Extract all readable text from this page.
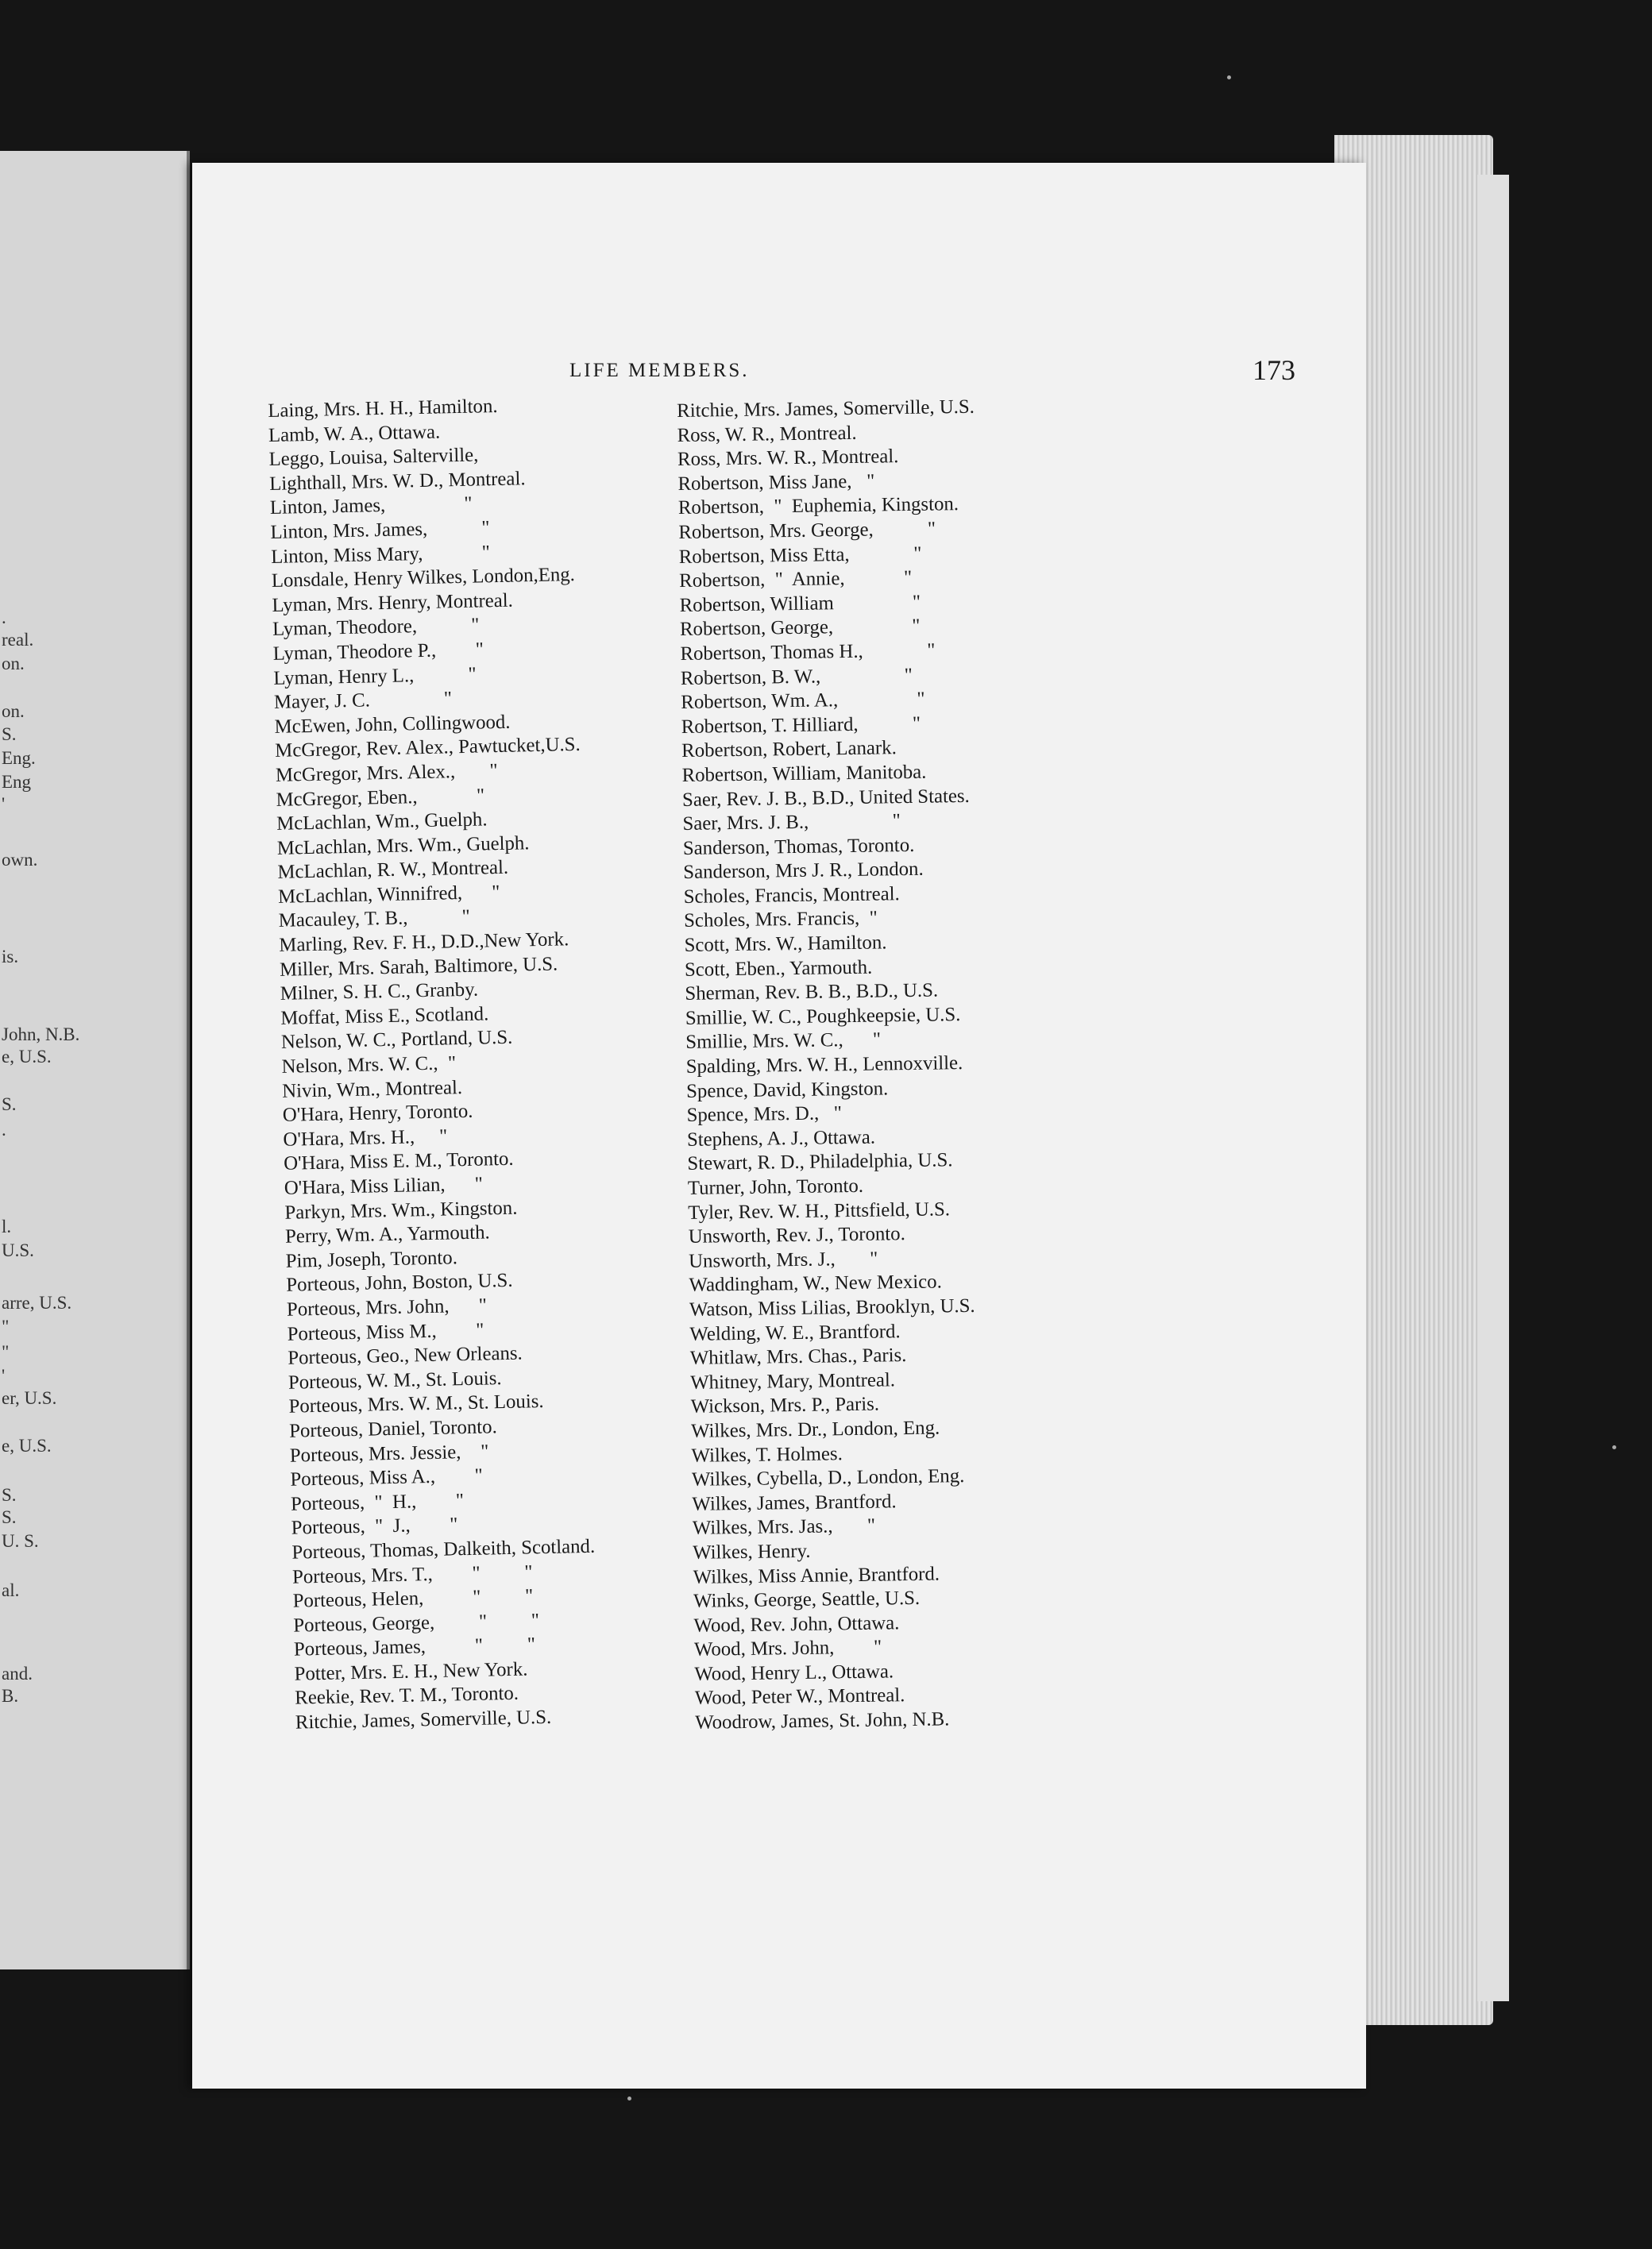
.
real.
on.
on.
S.
Eng.
Eng
'
own.
is.
John, N.B.
e, U.S.
S.
.
l.
U.S.
arre, U.S.
"
"
'
er, U.S.
e, U.S.
S.
S.
U. S.
al.
and.
B.
LIFE MEMBERS.	173
Laing, Mrs. H. H., Hamilton.
Lamb, W. A., Ottawa.
Leggo, Louisa, Salterville,
Lighthall, Mrs. W. D., Montreal.
Linton, James,                "
Linton, Mrs. James,           "
Linton, Miss Mary,            "
Lonsdale, Henry Wilkes, London,Eng.
Lyman, Mrs. Henry, Montreal.
Lyman, Theodore,           "
Lyman, Theodore P.,        "
Lyman, Henry L.,           "
Mayer, J. C.               "
McEwen, John, Collingwood.
McGregor, Rev. Alex., Pawtucket,U.S.
McGregor, Mrs. Alex.,       "
McGregor, Eben.,            "
McLachlan, Wm., Guelph.
McLachlan, Mrs. Wm., Guelph.
McLachlan, R. W., Montreal.
McLachlan, Winnifred,      "
Macauley, T. B.,           "
Marling, Rev. F. H., D.D.,New York.
Miller, Mrs. Sarah, Baltimore, U.S.
Milner, S. H. C., Granby.
Moffat, Miss E., Scotland.
Nelson, W. C., Portland, U.S.
Nelson, Mrs. W. C.,  "
Nivin, Wm., Montreal.
O'Hara, Henry, Toronto.
O'Hara, Mrs. H.,     "
O'Hara, Miss E. M., Toronto.
O'Hara, Miss Lilian,      "
Parkyn, Mrs. Wm., Kingston.
Perry, Wm. A., Yarmouth.
Pim, Joseph, Toronto.
Porteous, John, Boston, U.S.
Porteous, Mrs. John,      "
Porteous, Miss M.,        "
Porteous, Geo., New Orleans.
Porteous, W. M., St. Louis.
Porteous, Mrs. W. M., St. Louis.
Porteous, Daniel, Toronto.
Porteous, Mrs. Jessie,    "
Porteous, Miss A.,        "
Porteous,  "  H.,        "
Porteous,  "  J.,        "
Porteous, Thomas, Dalkeith, Scotland.
Porteous, Mrs. T.,        "         "
Porteous, Helen,          "         "
Porteous, George,         "         "
Porteous, James,          "         "
Potter, Mrs. E. H., New York.
Reekie, Rev. T. M., Toronto.
Ritchie, James, Somerville, U.S.
Ritchie, Mrs. James, Somerville, U.S.
Ross, W. R., Montreal.
Ross, Mrs. W. R., Montreal.
Robertson, Miss Jane,   "
Robertson,  "  Euphemia, Kingston.
Robertson, Mrs. George,           "
Robertson, Miss Etta,             "
Robertson,  "  Annie,            "
Robertson, William                "
Robertson, George,                "
Robertson, Thomas H.,             "
Robertson, B. W.,                 "
Robertson, Wm. A.,                "
Robertson, T. Hilliard,           "
Robertson, Robert, Lanark.
Robertson, William, Manitoba.
Saer, Rev. J. B., B.D., United States.
Saer, Mrs. J. B.,                 "
Sanderson, Thomas, Toronto.
Sanderson, Mrs J. R., London.
Scholes, Francis, Montreal.
Scholes, Mrs. Francis,  "
Scott, Mrs. W., Hamilton.
Scott, Eben., Yarmouth.
Sherman, Rev. B. B., B.D., U.S.
Smillie, W. C., Poughkeepsie, U.S.
Smillie, Mrs. W. C.,      "
Spalding, Mrs. W. H., Lennoxville.
Spence, David, Kingston.
Spence, Mrs. D.,   "
Stephens, A. J., Ottawa.
Stewart, R. D., Philadelphia, U.S.
Turner, John, Toronto.
Tyler, Rev. W. H., Pittsfield, U.S.
Unsworth, Rev. J., Toronto.
Unsworth, Mrs. J.,       "
Waddingham, W., New Mexico.
Watson, Miss Lilias, Brooklyn, U.S.
Welding, W. E., Brantford.
Whitlaw, Mrs. Chas., Paris.
Whitney, Mary, Montreal.
Wickson, Mrs. P., Paris.
Wilkes, Mrs. Dr., London, Eng.
Wilkes, T. Holmes.
Wilkes, Cybella, D., London, Eng.
Wilkes, James, Brantford.
Wilkes, Mrs. Jas.,       "
Wilkes, Henry.
Wilkes, Miss Annie, Brantford.
Winks, George, Seattle, U.S.
Wood, Rev. John, Ottawa.
Wood, Mrs. John,        "
Wood, Henry L., Ottawa.
Wood, Peter W., Montreal.
Woodrow, James, St. John, N.B.
